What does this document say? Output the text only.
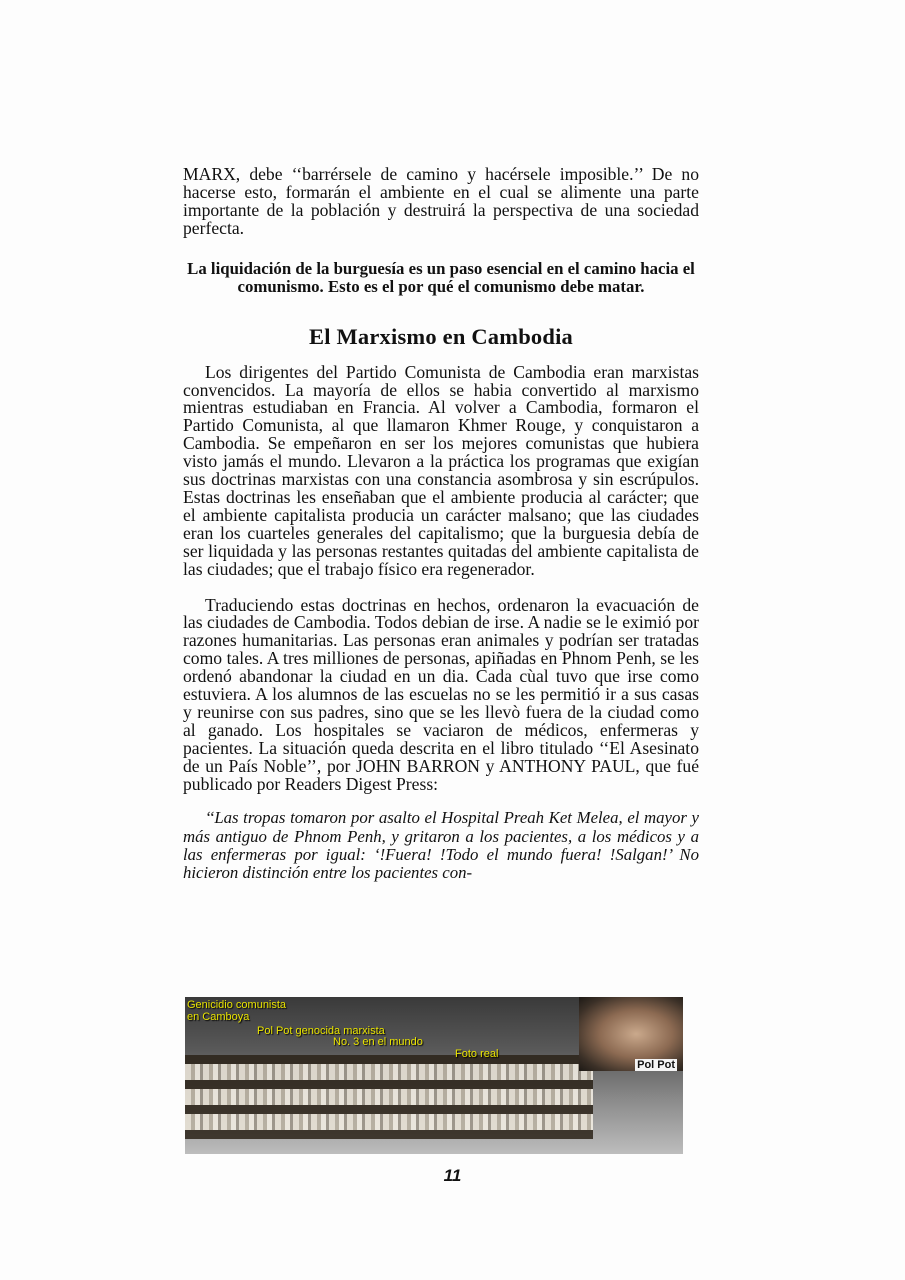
MARX, debe ‘‘barrérsele de camino y hacérsele imposible.’’ De no hacerse esto, formarán el ambiente en el cual se alimente una parte importante de la población y destruirá la perspectiva de una sociedad perfecta.

La liquidación de la burguesía es un paso esencial en el camino hacia el comunismo. Esto es el por qué el comunismo debe matar.

El Marxismo en Cambodia

Los dirigentes del Partido Comunista de Cambodia eran marxistas convencidos. La mayoría de ellos se habia convertido al marxismo mientras estudiaban en Francia. Al volver a Cambodia, formaron el Partido Comunista, al que llamaron Khmer Rouge, y conquistaron a Cambodia. Se empeñaron en ser los mejores comunistas que hubiera visto jamás el mundo. Llevaron a la práctica los programas que exigían sus doctrinas marxistas con una constancia asombrosa y sin escrúpulos. Estas doctrinas les enseñaban que el ambiente producia al carácter; que el ambiente capitalista producia un carácter malsano; que las ciudades eran los cuarteles generales del capitalismo; que la burguesia debía de ser liquidada y las personas restantes quitadas del ambiente capitalista de las ciudades; que el trabajo físico era regenerador.

Traduciendo estas doctrinas en hechos, ordenaron la evacuación de las ciudades de Cambodia. Todos debian de irse. A nadie se le eximió por razones humanitarias. Las personas eran animales y podrían ser tratadas como tales. A tres milliones de personas, apiñadas en Phnom Penh, se les ordenó abandonar la ciudad en un dia. Cada cùal tuvo que irse como estuviera. A los alumnos de las escuelas no se les permitió ir a sus casas y reunirse con sus padres, sino que se les llevò fuera de la ciudad como al ganado. Los hospitales se vaciaron de médicos, enfermeras y pacientes. La situación queda descrita en el libro titulado ‘‘El Asesinato de un País Noble’’, por JOHN BARRON y ANTHONY PAUL, que fué publicado por Readers Digest Press:

‘‘Las tropas tomaron por asalto el Hospital Preah Ket Melea, el mayor y más antiguo de Phnom Penh, y gritaron a los pacientes, a los médicos y a las enfermeras por igual: ‘!Fuera! !Todo el mundo fuera! !Salgan!’ No hicieron distinción entre los pacientes con-

Genicidio comunista
en Camboya
Pol Pot genocida marxista
No. 3 en el mundo
Foto real
Pol Pot
11
